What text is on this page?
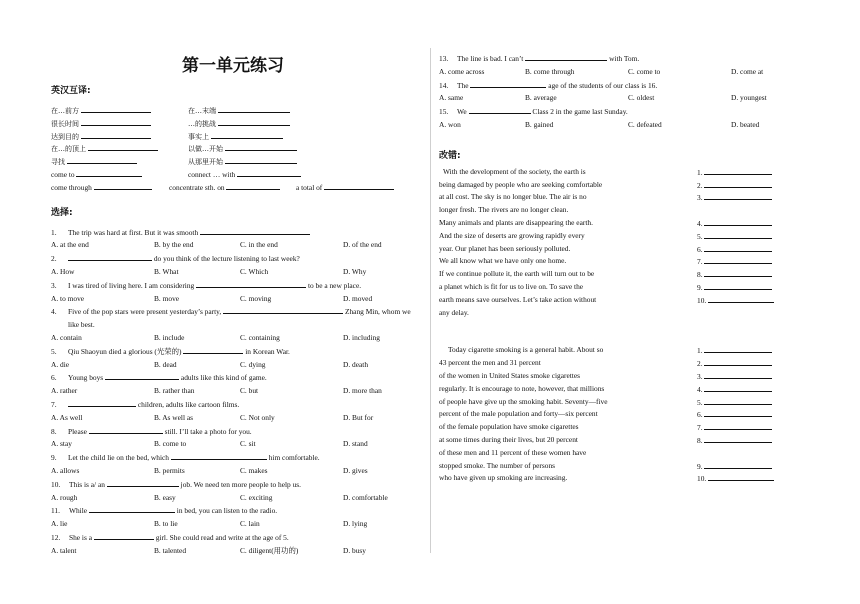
第一单元练习
英汉互译:
在…前方	在…末端
很长时间	…的挑战
达到目的	事实上
在…的顶上	以做…开始
寻找	从那里开始
come to	connect … with
come through	concentrate sth. on	a total of
选择:
1. The trip was hard at first. But it was smooth
A. at the end	B. by the end	C. in the end	D. of the end
2.	do you think of the lecture listening to last week?
A. How	B. What	C. Which	D. Why
3. I was tired of living here. I am considering	to be a new place.
A. to move	B. move	C. moving	D. moved
4. Five of the pop stars were present yesterday’s party,	Zhang Min, whom we
like best.
A. contain	B. include	C. containing	D. including
5. Qiu Shaoyun died a glorious (光荣的)	in Korean War.
A. die	B. dead	C. dying	D. death
6. Young boys	adults like this kind of game.
A. rather	B. rather than	C. but	D. more than
7.	children, adults like cartoon films.
A. As well	B. As well as	C. Not only	D. But for
8. Please	still. I’ll take a photo for you.
A. stay	B. come to	C. sit	D. stand
9. Let the child lie on the bed, which	him comfortable.
A. allows	B. permits	C. makes	D. gives
10. This is a/ an	job. We need ten more people to help us.
A. rough	B. easy	C. exciting	D. comfortable
11. While	in bed, you can listen to the radio.
A. lie	B. to lie	C. lain	D. lying
12. She is a	girl. She could read and write at the age of 5.
A. talent	B. talented	C. diligent(用功的)	D. busy
13. The line is bad. I can’t	with Tom.
A. come across	B. come through	C. come to	D. come at
14. The	age of the students of our class is 16.
A. same	B. average	C. oldest	D. youngest
15. We	Class 2 in the game last Sunday.
A. won	B. gained	C. defeated	D. beated
改错:
With the development of the society, the earth is	1.
being damaged by people who are seeking comfortable	2.
at all cost. The sky is no longer blue. The air is no	3.
longer fresh. The rivers are no longer clean.
Many animals and plants are disappearing the earth.	4.
And the size of deserts are growing rapidly every	5.
year. Our planet has been seriously polluted.	6.
We all know what we have only one home.	7.
If we continue pollute it, the earth will turn out to be	8.
a planet which is fit for us to live on. To save the	9.
earth means save ourselves. Let’s take action without	10.
any delay.
Today cigarette smoking is a general habit. About so	1.
43 percent the men and 31 percent	2.
of the women in United States smoke cigarettes	3.
regularly. It is encourage to note, however, that millions	4.
of people have give up the smoking habit. Seventy—five	5.
percent of the male population and forty—six percent	6.
of the female population have smoke cigarettes	7.
at some times during their lives, but 20 percent	8.
of these men and 11 percent of these women have
stopped smoke. The number of persons	9.
who have given up smoking are increasing.	10.
